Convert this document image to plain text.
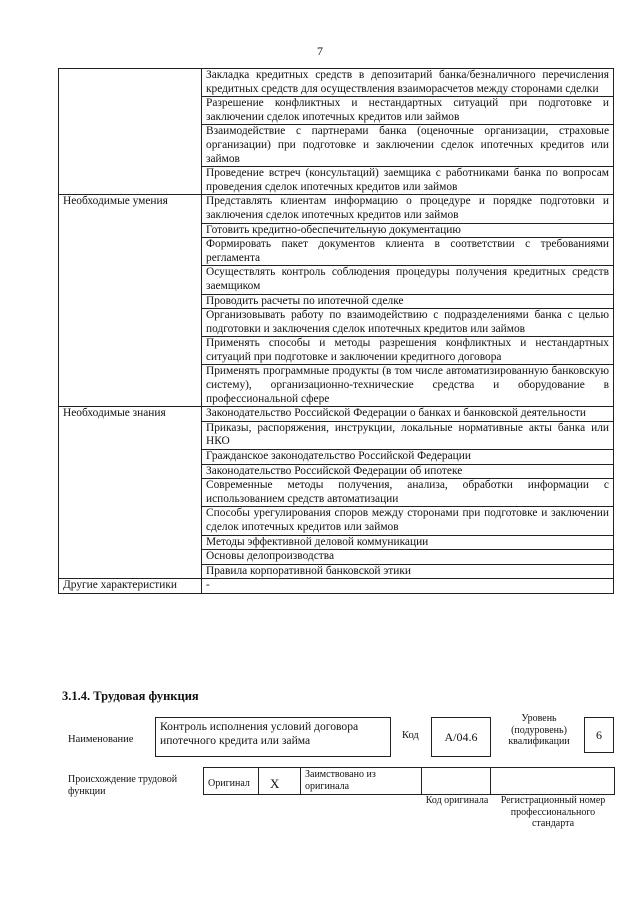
7
	Закладка кредитных средств в депозитарий банка/безналичного перечисления кредитных средств для осуществления взаиморасчетов между сторонами сделки
	Разрешение конфликтных и нестандартных ситуаций при подготовке и заключении сделок ипотечных кредитов или займов
	Взаимодействие с партнерами банка (оценочные организации, страховые организации) при подготовке и заключении сделок ипотечных кредитов или займов
	Проведение встреч (консультаций) заемщика с работниками банка по вопросам проведения сделок ипотечных кредитов или займов
Необходимые умения	Представлять клиентам информацию о процедуре и порядке подготовки и заключения сделок ипотечных кредитов или займов
	Готовить кредитно-обеспечительную документацию
	Формировать пакет документов клиента в соответствии с требованиями регламента
	Осуществлять контроль соблюдения процедуры получения кредитных средств заемщиком
	Проводить расчеты по ипотечной сделке
	Организовывать работу по взаимодействию с подразделениями банка с целью подготовки и заключения сделок ипотечных кредитов или займов
	Применять способы и методы разрешения конфликтных и нестандартных ситуаций при подготовке и заключении кредитного договора
	Применять программные продукты (в том числе автоматизированную банковскую систему), организационно-технические средства и оборудование в профессиональной сфере
Необходимые знания	Законодательство Российской Федерации о банках и банковской деятельности
	Приказы, распоряжения, инструкции, локальные нормативные акты банка или НКО
	Гражданское законодательство Российской Федерации
	Законодательство Российской Федерации об ипотеке
	Современные методы получения, анализа, обработки информации с использованием средств автоматизации
	Способы урегулирования споров между сторонами при подготовке и заключении сделок ипотечных кредитов или займов
	Методы эффективной деловой коммуникации
	Основы делопроизводства
	Правила корпоративной банковской этики
Другие характеристики	-
3.1.4. Трудовая функция
Наименование
Контроль исполнения условий договора ипотечного кредита или займа	Код	А/04.6
Уровень (подуровень) квалификации	6
Происхождение трудовой функции
Оригинал X
Заимствовано из оригинала
Код оригинала	Регистрационный номер профессионального стандарта
